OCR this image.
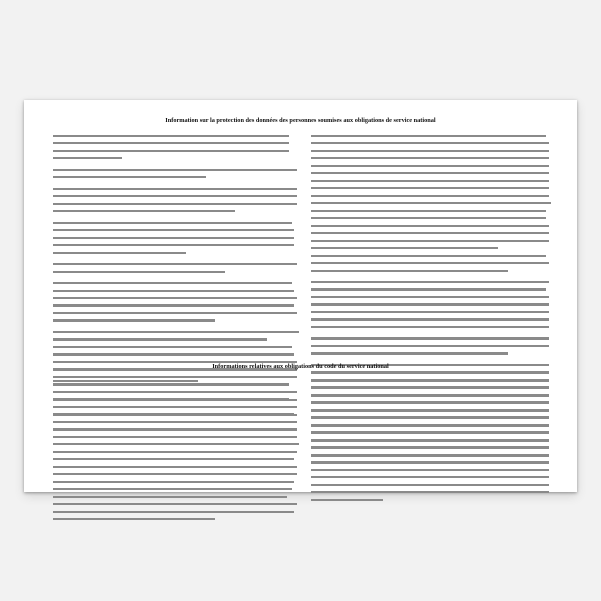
Information sur la protection des données des personnes soumises aux obligations de service national
Informations relatives aux obligations du code du service national
